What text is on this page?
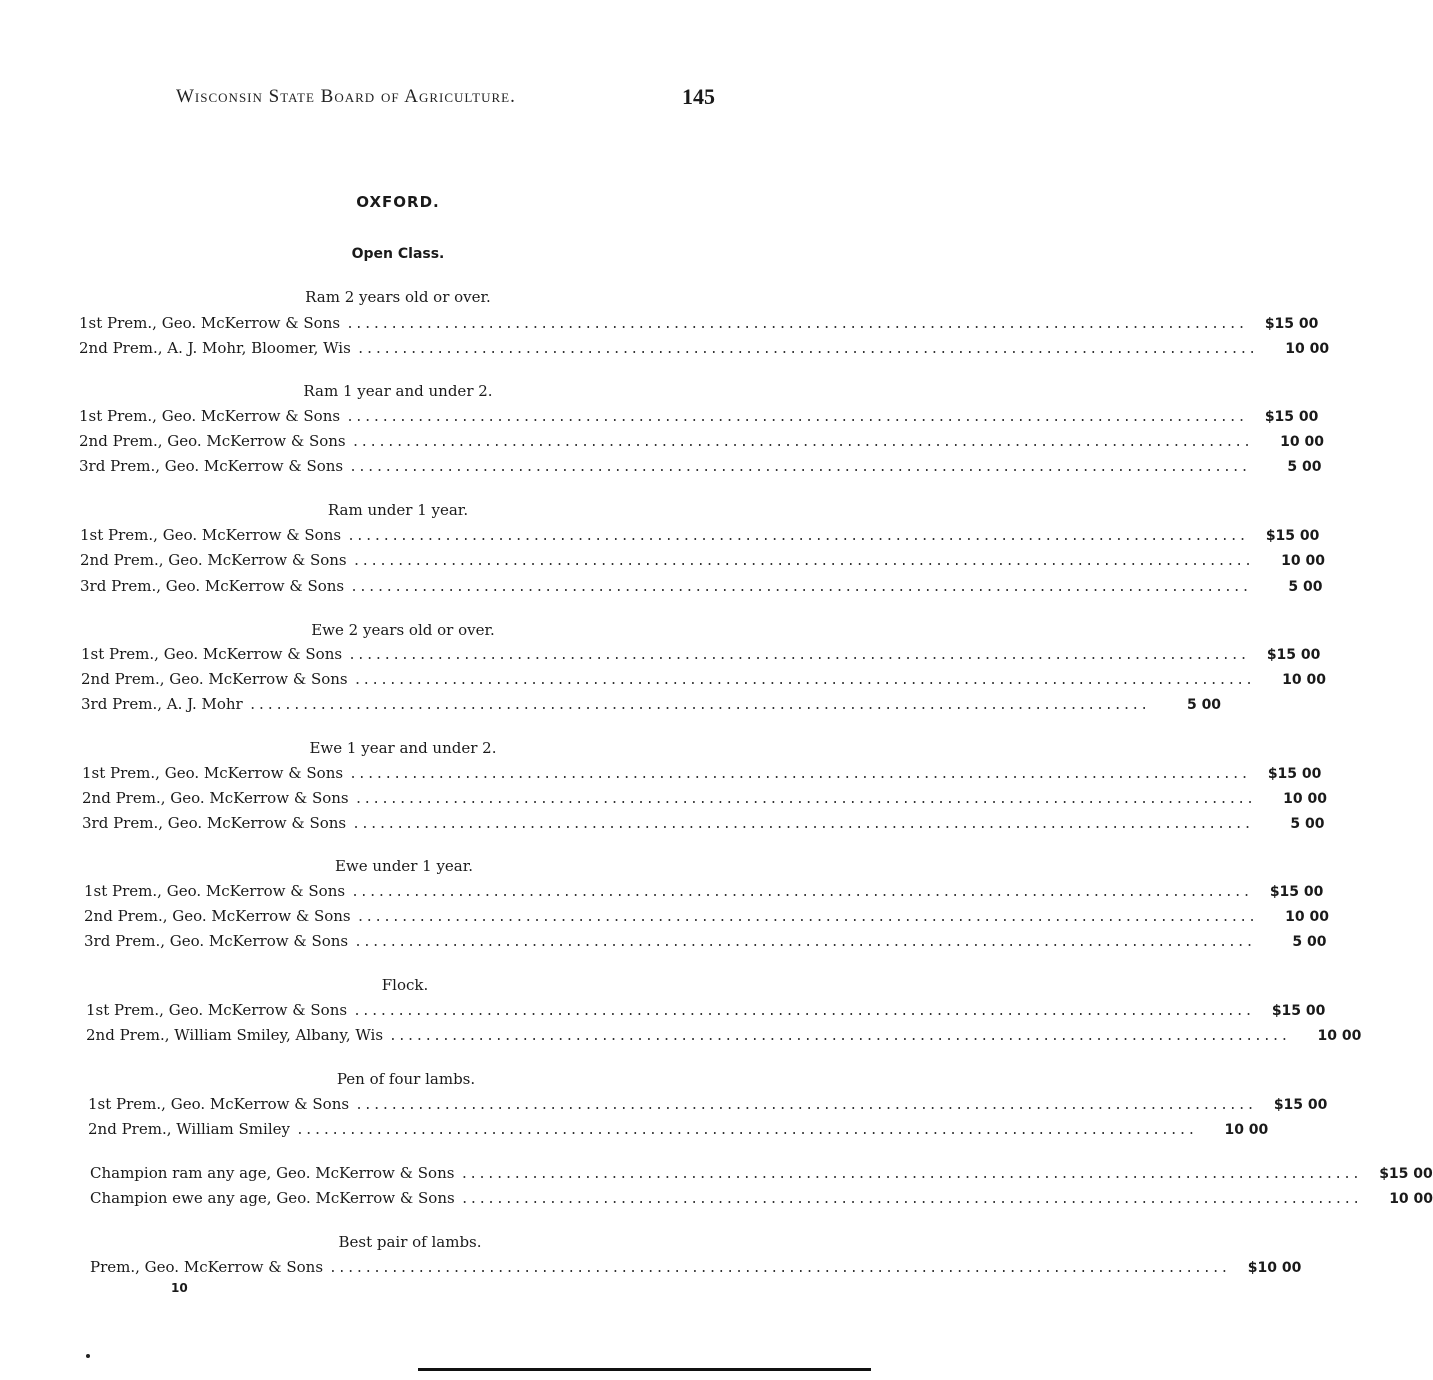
Wisconsin State Board of Agriculture.	145
OXFORD.
Open Class.
Ram 2 years old or over.
1st Prem., Geo. McKerrow & Sons ......................................................................................................	$15 00
2nd Prem., A. J. Mohr, Bloomer, Wis ......................................................................................................	10 00
Ram 1 year and under 2.
1st Prem., Geo. McKerrow & Sons ......................................................................................................	$15 00
2nd Prem., Geo. McKerrow & Sons ......................................................................................................	10 00
3rd Prem., Geo. McKerrow & Sons ......................................................................................................	5 00
Ram under 1 year.
1st Prem., Geo. McKerrow & Sons ......................................................................................................	$15 00
2nd Prem., Geo. McKerrow & Sons ......................................................................................................	10 00
3rd Prem., Geo. McKerrow & Sons ......................................................................................................	5 00
Ewe 2 years old or over.
1st Prem., Geo. McKerrow & Sons ......................................................................................................	$15 00
2nd Prem., Geo. McKerrow & Sons ......................................................................................................	10 00
3rd Prem., A. J. Mohr ......................................................................................................	5 00
Ewe 1 year and under 2.
1st Prem., Geo. McKerrow & Sons ......................................................................................................	$15 00
2nd Prem., Geo. McKerrow & Sons ......................................................................................................	10 00
3rd Prem., Geo. McKerrow & Sons ......................................................................................................	5 00
Ewe under 1 year.
1st Prem., Geo. McKerrow & Sons ......................................................................................................	$15 00
2nd Prem., Geo. McKerrow & Sons ......................................................................................................	10 00
3rd Prem., Geo. McKerrow & Sons ......................................................................................................	5 00
Flock.
1st Prem., Geo. McKerrow & Sons ......................................................................................................	$15 00
2nd Prem., William Smiley, Albany, Wis ......................................................................................................	10 00
Pen of four lambs.
1st Prem., Geo. McKerrow & Sons ......................................................................................................	$15 00
2nd Prem., William Smiley ......................................................................................................	10 00
Champion ram any age, Geo. McKerrow & Sons ......................................................................................................	$15 00
Champion ewe any age, Geo. McKerrow & Sons ......................................................................................................	10 00
Best pair of lambs.
Prem., Geo. McKerrow & Sons ......................................................................................................	$10 00
10
